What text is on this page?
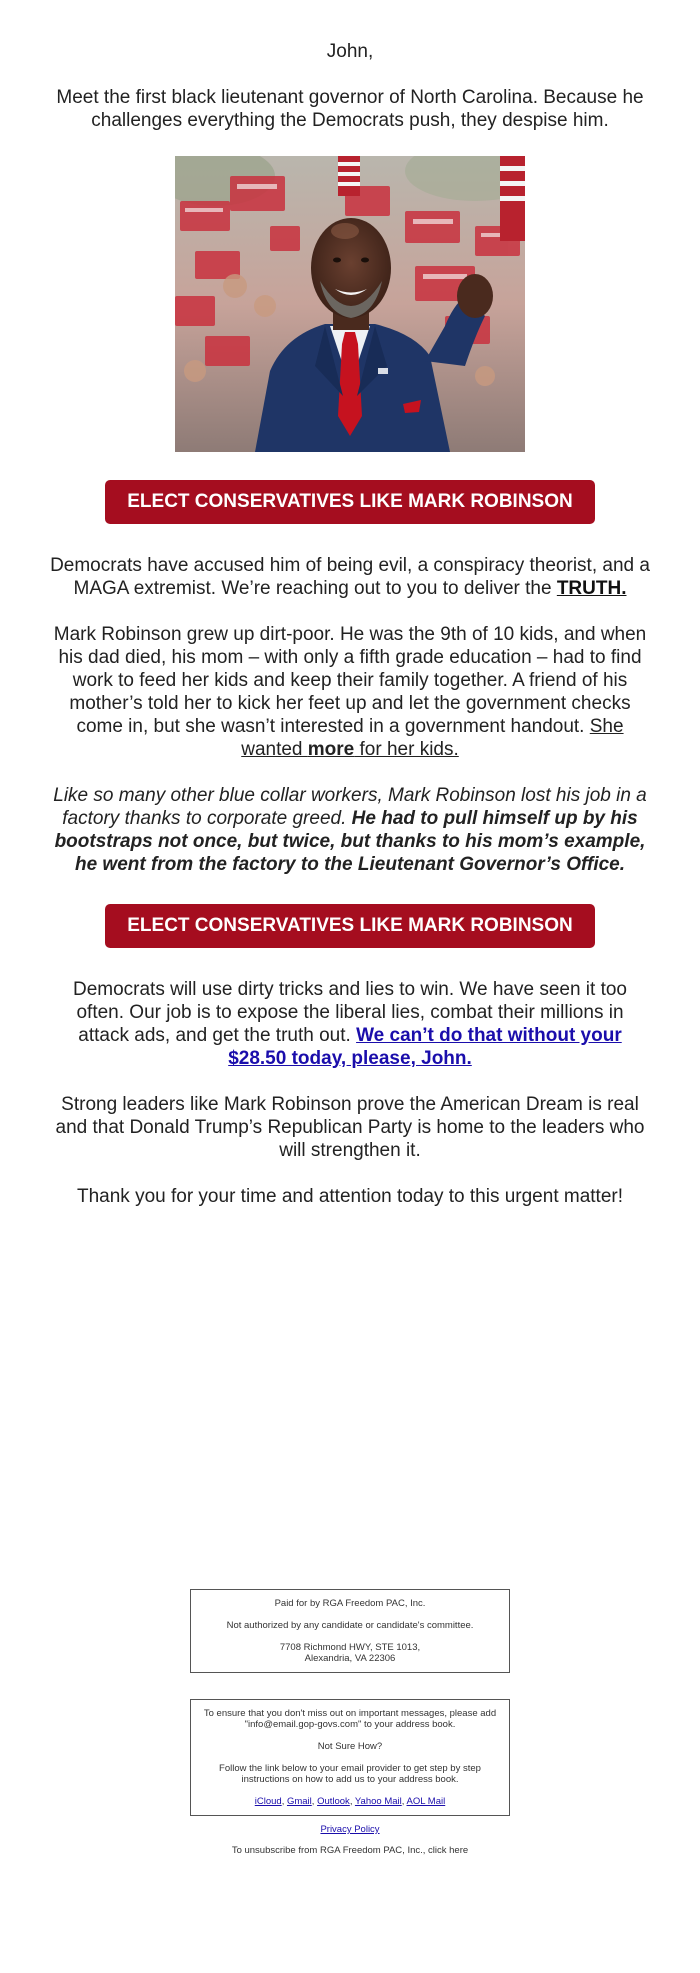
John,

Meet the first black lieutenant governor of North Carolina. Because he challenges everything the Democrats push, they despise him.

ELECT CONSERVATIVES LIKE MARK ROBINSON

Democrats have accused him of being evil, a conspiracy theorist, and a MAGA extremist. We’re reaching out to you to deliver the TRUTH.

Mark Robinson grew up dirt-poor. He was the 9th of 10 kids, and when his dad died, his mom – with only a fifth grade education – had to find work to feed her kids and keep their family together. A friend of his mother’s told her to kick her feet up and let the government checks come in, but she wasn’t interested in a government handout. She wanted more for her kids.

Like so many other blue collar workers, Mark Robinson lost his job in a factory thanks to corporate greed. He had to pull himself up by his bootstraps not once, but twice, but thanks to his mom’s example, he went from the factory to the Lieutenant Governor’s Office.

ELECT CONSERVATIVES LIKE MARK ROBINSON

Democrats will use dirty tricks and lies to win. We have seen it too often. Our job is to expose the liberal lies, combat their millions in attack ads, and get the truth out. We can’t do that without your $28.50 today, please, John.

Strong leaders like Mark Robinson prove the American Dream is real and that Donald Trump’s Republican Party is home to the leaders who will strengthen it.

Thank you for your time and attention today to this urgent matter!

Paid for by RGA Freedom PAC, Inc.

Not authorized by any candidate or candidate's committee.

7708 Richmond HWY, STE 1013,
Alexandria, VA 22306

To ensure that you don't miss out on important messages, please add "info@email.gop-govs.com" to your address book.

Not Sure How?

Follow the link below to your email provider to get step by step instructions on how to add us to your address book.

iCloud, Gmail, Outlook, Yahoo Mail, AOL Mail

Privacy Policy
To unsubscribe from RGA Freedom PAC, Inc., click here
